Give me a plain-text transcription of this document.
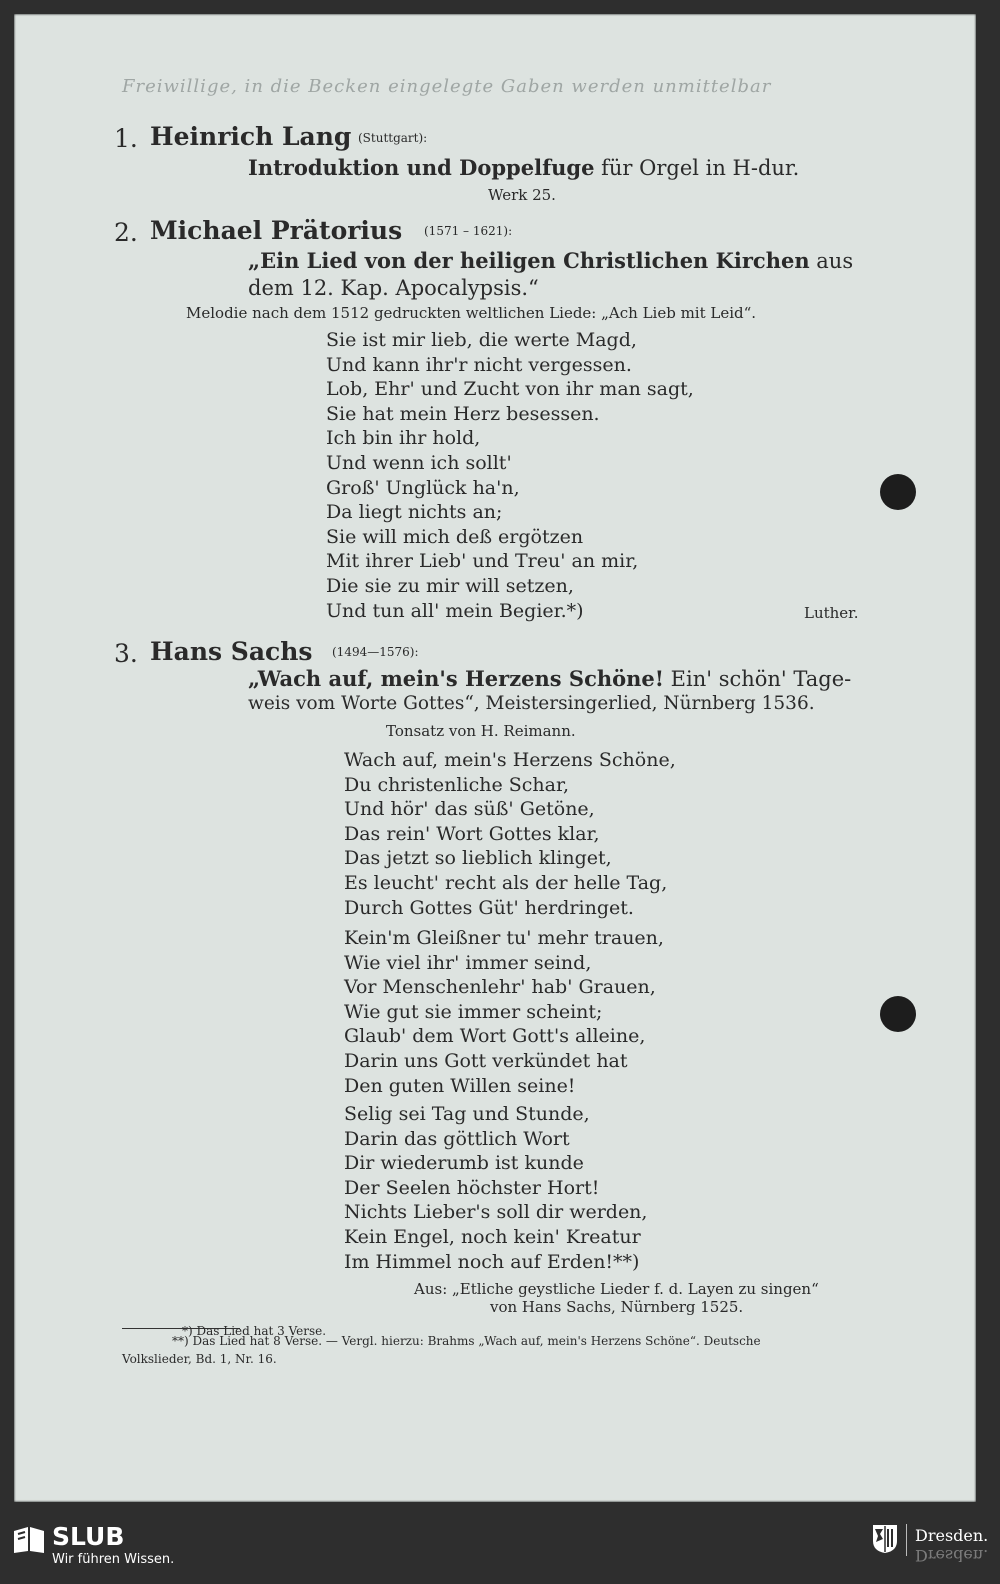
Freiwillige, in die Becken eingelegte Gaben werden unmittelbar
1. Heinrich Lang (Stuttgart):
Introduktion und Doppelfuge für Orgel in H-dur.
Werk 25.
2. Michael Prätorius (1571 – 1621):
„Ein Lied von der heiligen Christlichen Kirchen aus
dem 12. Kap. Apocalypsis.“
Melodie nach dem 1512 gedruckten weltlichen Liede: „Ach Lieb mit Leid“.
Sie ist mir lieb, die werte Magd,
Und kann ihr'r nicht vergessen.
Lob, Ehr' und Zucht von ihr man sagt,
Sie hat mein Herz besessen.
Ich bin ihr hold,
Und wenn ich sollt'
Groß' Unglück ha'n,
Da liegt nichts an;
Sie will mich deß ergötzen
Mit ihrer Lieb' und Treu' an mir,
Die sie zu mir will setzen,
Und tun all' mein Begier.*)	Luther.
3. Hans Sachs (1494—1576):
„Wach auf, mein's Herzens Schöne! Ein' schön' Tage-
weis vom Worte Gottes“, Meistersingerlied, Nürnberg 1536.
Tonsatz von H. Reimann.
Wach auf, mein's Herzens Schöne,
Du christenliche Schar,
Und hör' das süß' Getöne,
Das rein' Wort Gottes klar,
Das jetzt so lieblich klinget,
Es leucht' recht als der helle Tag,
Durch Gottes Güt' herdringet.
Kein'm Gleißner tu' mehr trauen,
Wie viel ihr' immer seind,
Vor Menschenlehr' hab' Grauen,
Wie gut sie immer scheint;
Glaub' dem Wort Gott's alleine,
Darin uns Gott verkündet hat
Den guten Willen seine!
Selig sei Tag und Stunde,
Darin das göttlich Wort
Dir wiederumb ist kunde
Der Seelen höchster Hort!
Nichts Lieber's soll dir werden,
Kein Engel, noch kein' Kreatur
Im Himmel noch auf Erden!**)
Aus: „Etliche geystliche Lieder f. d. Layen zu singen“
von Hans Sachs, Nürnberg 1525.
*) Das Lied hat 3 Verse.
**) Das Lied hat 8 Verse. — Vergl. hierzu: Brahms „Wach auf, mein's Herzens Schöne“. Deutsche
Volkslieder, Bd. 1, Nr. 16.
SLUB
Wir führen Wissen.
Dresden.
Dresden.
